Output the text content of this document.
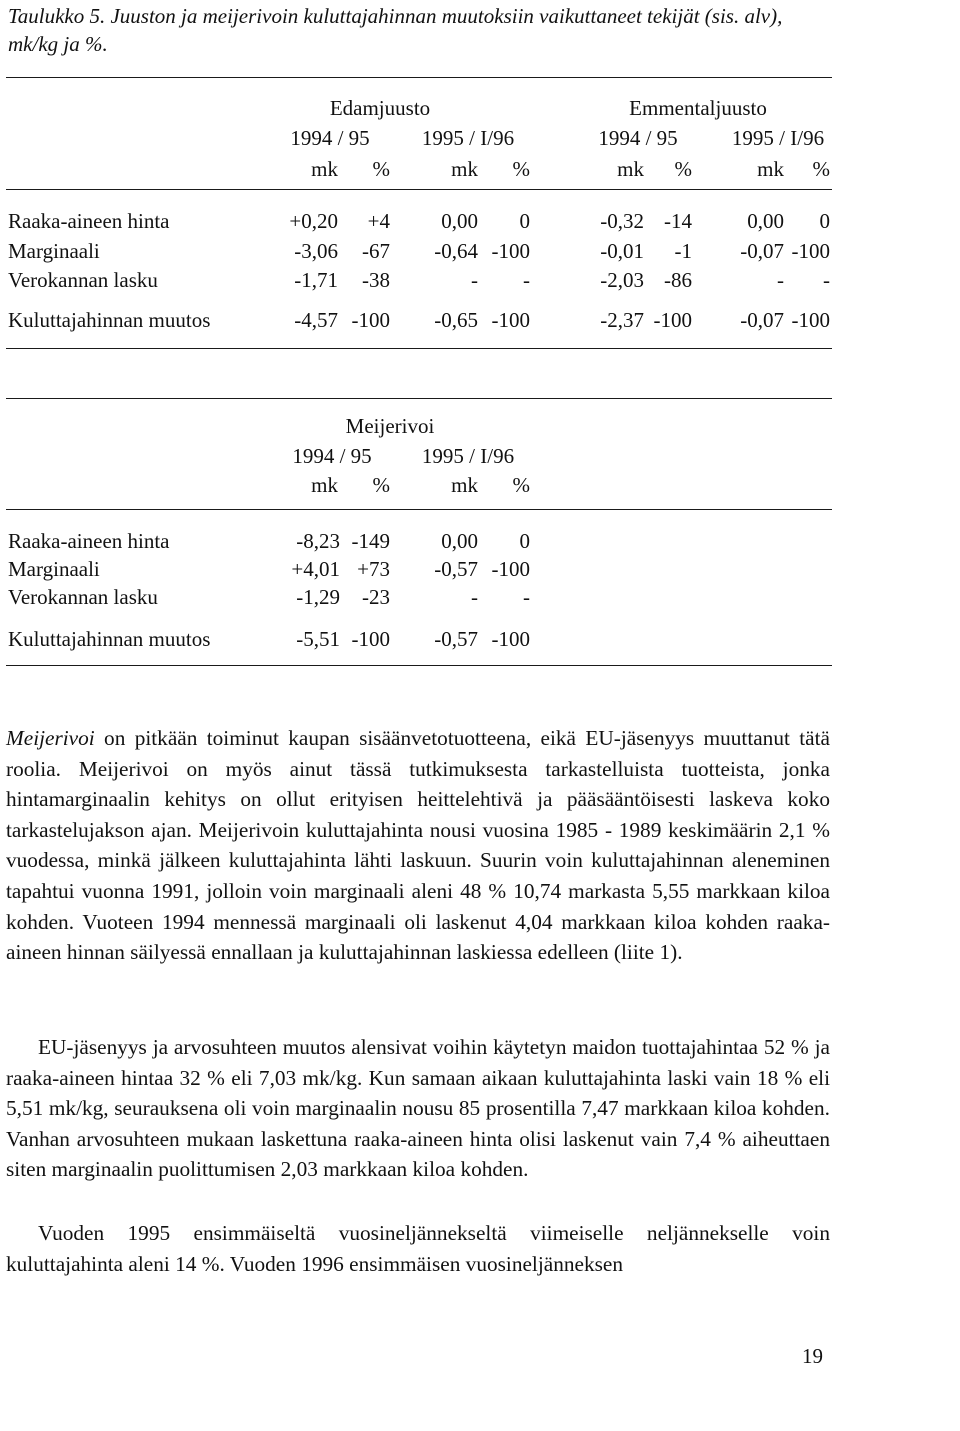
Taulukko 5. Juuston ja meijerivoin kuluttajahinnan muutoksiin vaikuttaneet tekijät (sis. alv), mk/kg ja %.
Edamjuusto	Emmentaljuusto
1994 / 95	1995 / I/96	1994 / 95	1995 / I/96
mk	%	mk	%	mk	%	mk	%
Raaka-aineen hinta	+0,20	+4	0,00	0	-0,32 -14	0,00	0
Marginaali	-3,06	-67	-0,64 -100	-0,01	-1	-0,07 -100
Verokannan lasku	-1,71	-38	-	-	-2,03 -86	-	-
Kuluttajahinnan muutos	-4,57 -100	-0,65 -100	-2,37 -100	-0,07 -100
Meijerivoi
1994 / 95	1995 / I/96
mk	%	mk	%
Raaka-aineen hinta	-8,23 -149	0,00	0
Marginaali	+4,01 +73	-0,57 -100
Verokannan lasku	-1,29	-23	-	-
Kuluttajahinnan muutos	-5,51 -100	-0,57 -100
Meijerivoi on pitkään toiminut kaupan sisäänvetotuotteena, eikä EU-jäsenyys muuttanut tätä roolia. Meijerivoi on myös ainut tässä tutkimuksesta tarkastelluista tuotteista, jonka hintamarginaalin kehitys on ollut erityisen heittelehtivä ja pääsääntöisesti laskeva koko tarkastelujakson ajan. Meijerivoin kuluttajahinta nousi vuosina 1985 - 1989 keskimäärin 2,1 % vuodessa, minkä jälkeen kuluttajahinta lähti laskuun. Suurin voin kuluttajahinnan aleneminen tapahtui vuonna 1991, jolloin voin marginaali aleni 48 % 10,74 markasta 5,55 markkaan kiloa kohden. Vuoteen 1994 mennessä marginaali oli laskenut 4,04 markkaan kiloa kohden raaka-aineen hinnan säilyessä ennallaan ja kuluttajahinnan laskiessa edelleen (liite 1).
EU-jäsenyys ja arvosuhteen muutos alensivat voihin käytetyn maidon tuottajahintaa 52 % ja raaka-aineen hintaa 32 % eli 7,03 mk/kg. Kun samaan aikaan kuluttajahinta laski vain 18 % eli 5,51 mk/kg, seurauksena oli voin marginaalin nousu 85 prosentilla 7,47 markkaan kiloa kohden. Vanhan arvosuhteen mukaan laskettuna raaka-aineen hinta olisi laskenut vain 7,4 % aiheuttaen siten marginaalin puolittumisen 2,03 markkaan kiloa kohden.
Vuoden 1995 ensimmäiseltä vuosineljännekseltä viimeiselle neljännekselle voin kuluttajahinta aleni 14 %. Vuoden 1996 ensimmäisen vuosineljänneksen
19
